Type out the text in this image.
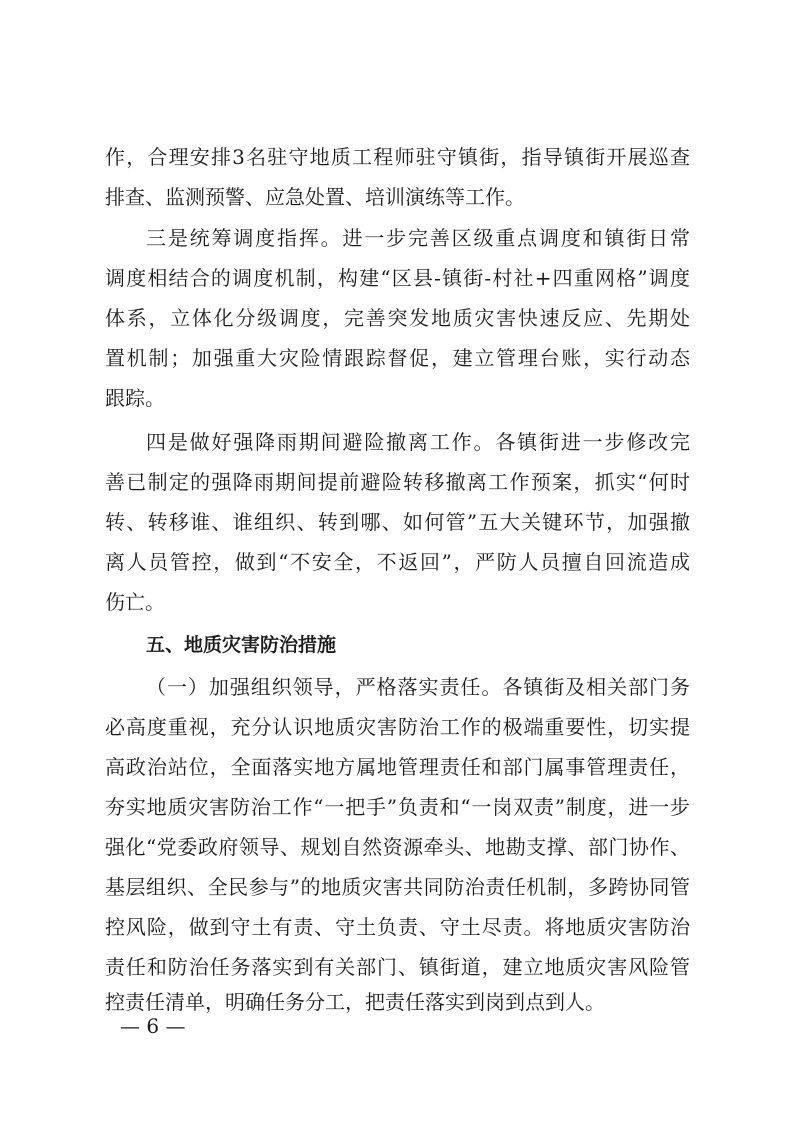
作，合理安排3名驻守地质工程师驻守镇街，指导镇街开展巡查
排查、监测预警、应急处置、培训演练等工作。
三是统筹调度指挥。进一步完善区级重点调度和镇街日常
调度相结合的调度机制，构建“区县-镇街-村社+四重网格”调度
体系，立体化分级调度，完善突发地质灾害快速反应、先期处
置机制；加强重大灾险情跟踪督促，建立管理台账，实行动态
跟踪。
四是做好强降雨期间避险撤离工作。各镇街进一步修改完
善已制定的强降雨期间提前避险转移撤离工作预案，抓实“何时
转、转移谁、谁组织、转到哪、如何管”五大关键环节，加强撤
离人员管控，做到“不安全，不返回”，严防人员擅自回流造成
伤亡。
五、地质灾害防治措施
（一）加强组织领导，严格落实责任。各镇街及相关部门务
必高度重视，充分认识地质灾害防治工作的极端重要性，切实提
高政治站位，全面落实地方属地管理责任和部门属事管理责任，
夯实地质灾害防治工作“一把手”负责和“一岗双责”制度，进一步
强化“党委政府领导、规划自然资源牵头、地勘支撑、部门协作、
基层组织、全民参与”的地质灾害共同防治责任机制，多跨协同管
控风险，做到守土有责、守土负责、守土尽责。将地质灾害防治
责任和防治任务落实到有关部门、镇街道，建立地质灾害风险管
控责任清单，明确任务分工，把责任落实到岗到点到人。
— 6 —
